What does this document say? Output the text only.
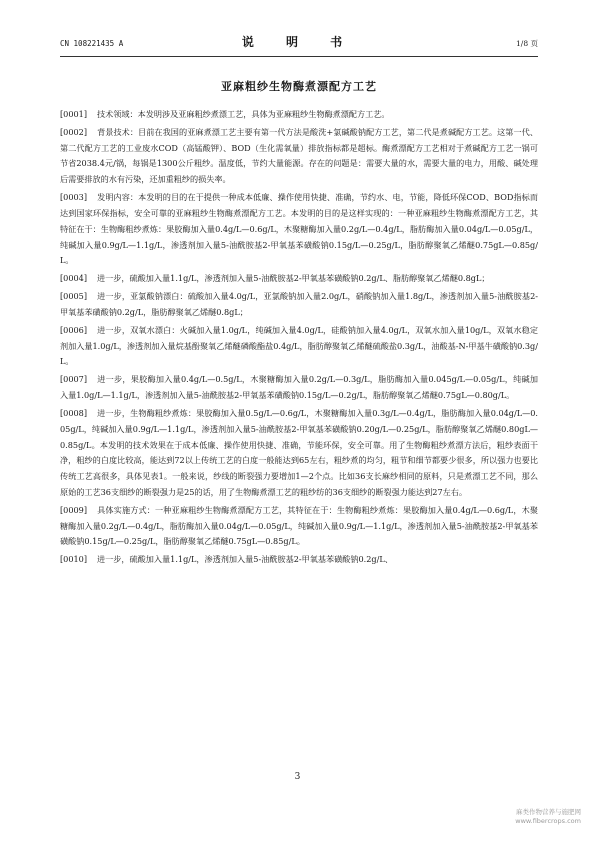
CN 108221435 A	说 明 书	1/8 页
亚麻粗纱生物酶煮漂配方工艺

[0001] 技术领域：本发明涉及亚麻粗纱煮漂工艺，具体为亚麻粗纱生物酶煮漂配方工艺。

[0002] 背景技术：目前在我国的亚麻煮漂工艺主要有第一代方法是酸洗+氯碱酸钠配方工艺，第二代是煮碱配方工艺。这第一代、第二代配方工艺的工业废水COD（高锰酸钾）、BOD（生化需氧量）排放指标都是超标。酶煮漂配方工艺相对于煮碱配方工艺一锅可节省2038.4元/锅，每锅是1300公斤粗纱。温度低，节约大量能源。存在的问题是：需要大量的水，需要大量的电力，用酸、碱处理后需要排放的水有污染，还加重粗纱的损失率。

[0003] 发明内容：本发明的目的在于提供一种成本低廉、操作使用快捷、准确，节约水、电，节能，降低环保COD、BOD指标而达到国家环保指标，安全可靠的亚麻粗纱生物酶煮漂配方工艺。本发明的目的是这样实现的：一种亚麻粗纱生物酶煮漂配方工艺，其特征在于：生物酶粗纱煮炼：果胶酶加入量0.4g/L—0.6g/L，木聚糖酶加入量0.2g/L—0.4g/L，脂肪酶加入量0.04g/L—0.05g/L，纯碱加入量0.9g/L—1.1g/L，渗透剂加入量5-油酰胺基2-甲氧基苯磺酸钠0.15g/L—0.25g/L，脂肪醇聚氧乙烯醚0.75gL—0.85g/L。

[0004] 进一步，硫酸加入量1.1g/L，渗透剂加入量5-油酰胺基2-甲氧基苯磺酸钠0.2g/L、脂肪醇聚氧乙烯醚0.8gL；

[0005] 进一步，亚氯酸钠漂白：硫酸加入量4.0g/L，亚氯酸钠加入量2.0g/L，硝酸钠加入量1.8g/L，渗透剂加入量5-油酰胺基2-甲氧基苯磺酸钠0.2g/L，脂肪醇聚氧乙烯醚0.8gL；

[0006] 进一步，双氧水漂白：火碱加入量1.0g/L，纯碱加入量4.0g/L，硅酸钠加入量4.0g/L，双氧水加入量10g/L，双氧水稳定剂加入量1.0g/L，渗透剂加入量烷基酚聚氧乙烯醚磷酸酯盐0.4g/L，脂肪醇聚氧乙烯醚硫酸盐0.3g/L，油酸基-N-甲基牛磺酸钠0.3g/L。

[0007] 进一步，果胶酶加入量0.4g/L—0.5g/L，木聚糖酶加入量0.2g/L—0.3g/L，脂肪酶加入量0.045g/L—0.05g/L，纯碱加入量1.0g/L—1.1g/L，渗透剂加入量5-油酰胺基2-甲氧基苯磺酸钠0.15g/L—0.2g/L，脂肪醇聚氧乙烯醚0.75gL—0.80g/L。

[0008] 进一步，生物酶粗纱煮炼：果胶酶加入量0.5g/L—0.6g/L，木聚糖酶加入量0.3g/L—0.4g/L，脂肪酶加入量0.04g/L—0.05g/L，纯碱加入量0.9g/L—1.1g/L，渗透剂加入量5-油酰胺基2-甲氧基苯磺酸钠0.20g/L—0.25g/L，脂肪醇聚氧乙烯醚0.80gL—0.85g/L。本发明的技术效果在于成本低廉、操作使用快捷、准确，节能环保，安全可靠。用了生物酶粗纱煮漂方法后，粗纱表面干净，粗纱的白度比较高，能达到72以上传统工艺的白度一般能达到65左右，粗纱煮的均匀，粗节和细节都要少很多，所以强力也要比传统工艺高很多，具体见表1。一般来说，纱线的断裂强力要增加1—2个点。比如36支长麻纱相同的原料，只是煮漂工艺不同，那么原始的工艺36支细纱的断裂强力是25的话，用了生物酶煮漂工艺的粗纱纺的36支细纱的断裂强力能达到27左右。

[0009] 具体实施方式：一种亚麻粗纱生物酶煮漂配方工艺，其特征在于：生物酶粗纱煮炼：果胶酶加入量0.4g/L—0.6g/L，木聚糖酶加入量0.2g/L—0.4g/L，脂肪酶加入量0.04g/L—0.05g/L，纯碱加入量0.9g/L—1.1g/L，渗透剂加入量5-油酰胺基2-甲氧基苯磺酸钠0.15g/L—0.25g/L，脂肪醇聚氧乙烯醚0.75gL—0.85g/L。

[0010] 进一步，硫酸加入量1.1g/L，渗透剂加入量5-油酰胺基2-甲氧基苯磺酸钠0.2g/L、

3
麻类作物营养与施肥网
www.fibercrops.com
